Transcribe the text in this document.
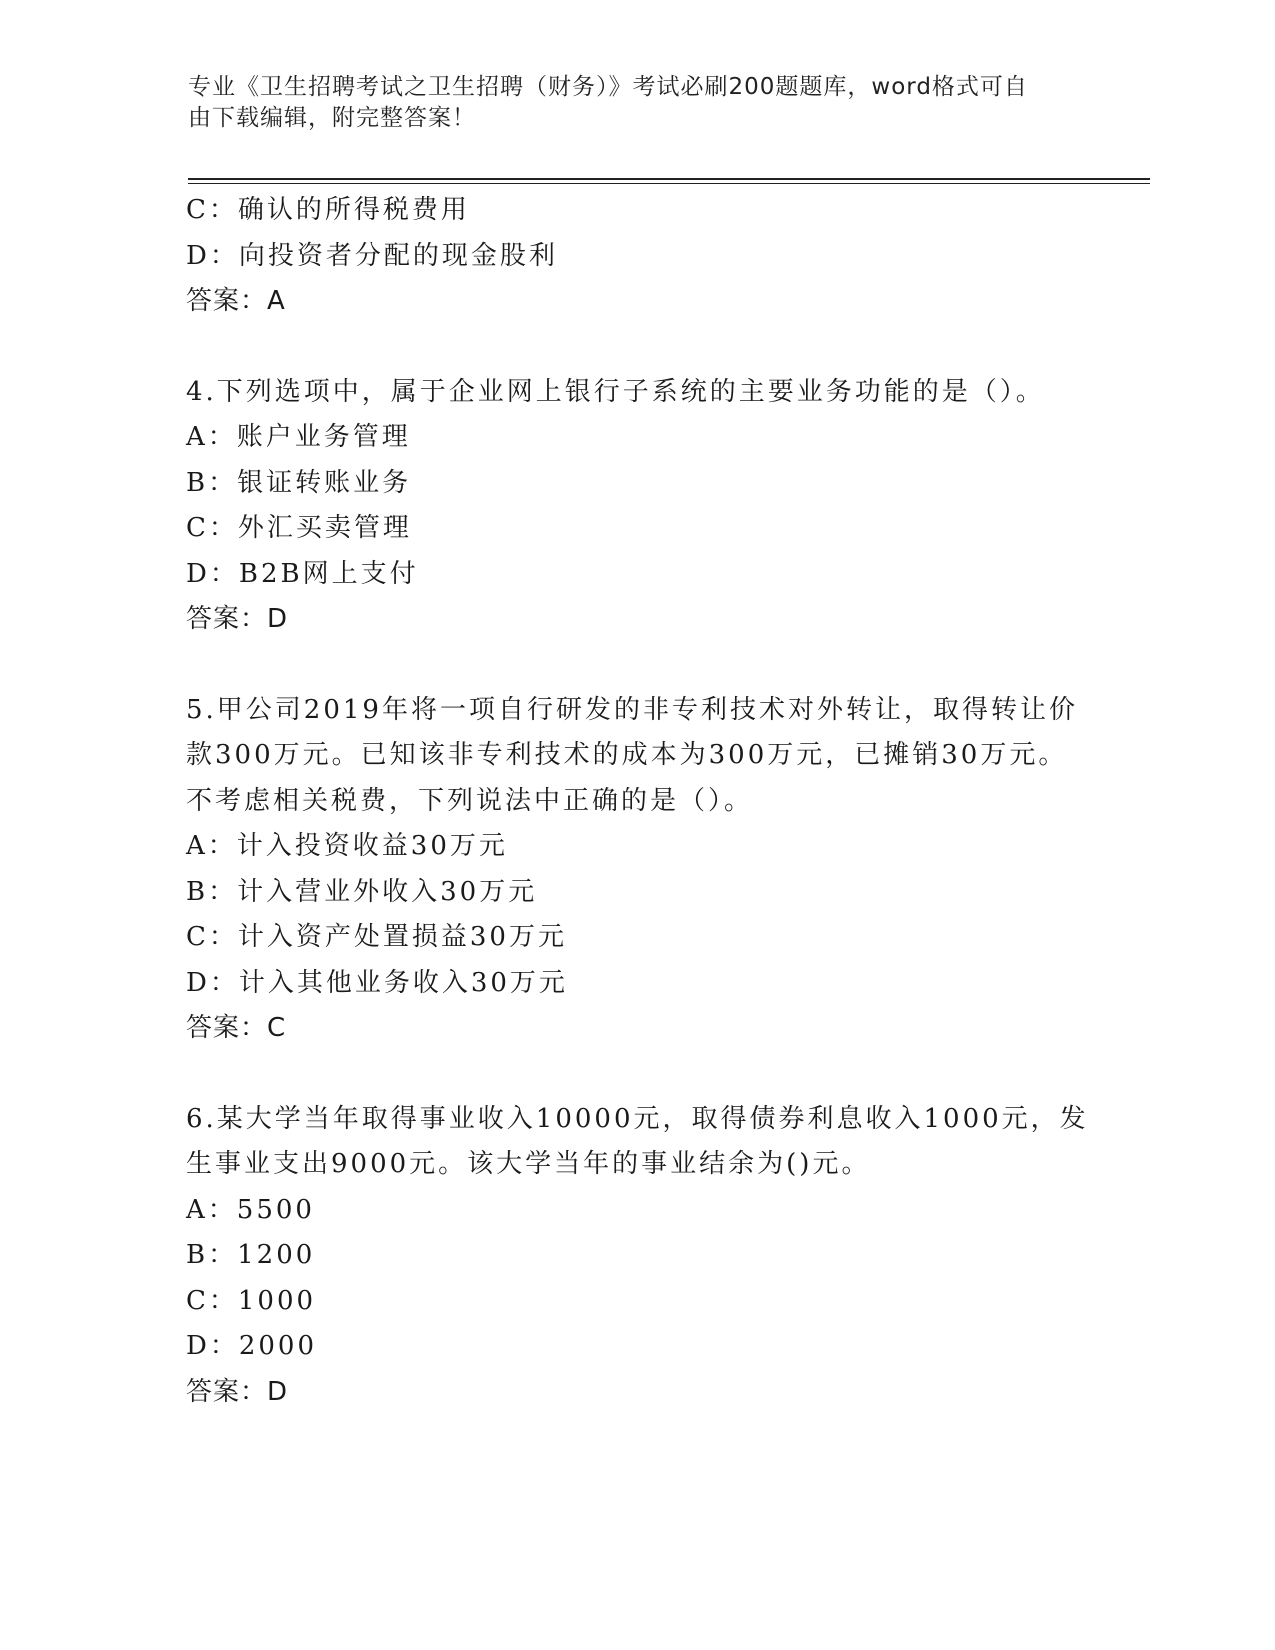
专业《卫生招聘考试之卫生招聘（财务）》考试必刷200题题库，word格式可自
由下载编辑，附完整答案！
C：确认的所得税费用
D：向投资者分配的现金股利
答案：A
4.下列选项中，属于企业网上银行子系统的主要业务功能的是（）。
A：账户业务管理
B：银证转账业务
C：外汇买卖管理
D：B2B网上支付
答案：D
5.甲公司2019年将一项自行研发的非专利技术对外转让，取得转让价
款300万元。已知该非专利技术的成本为300万元，已摊销30万元。
不考虑相关税费，下列说法中正确的是（）。
A：计入投资收益30万元
B：计入营业外收入30万元
C：计入资产处置损益30万元
D：计入其他业务收入30万元
答案：C
6.某大学当年取得事业收入10000元，取得债券利息收入1000元，发
生事业支出9000元。该大学当年的事业结余为()元。
A：5500
B：1200
C：1000
D：2000
答案：D
